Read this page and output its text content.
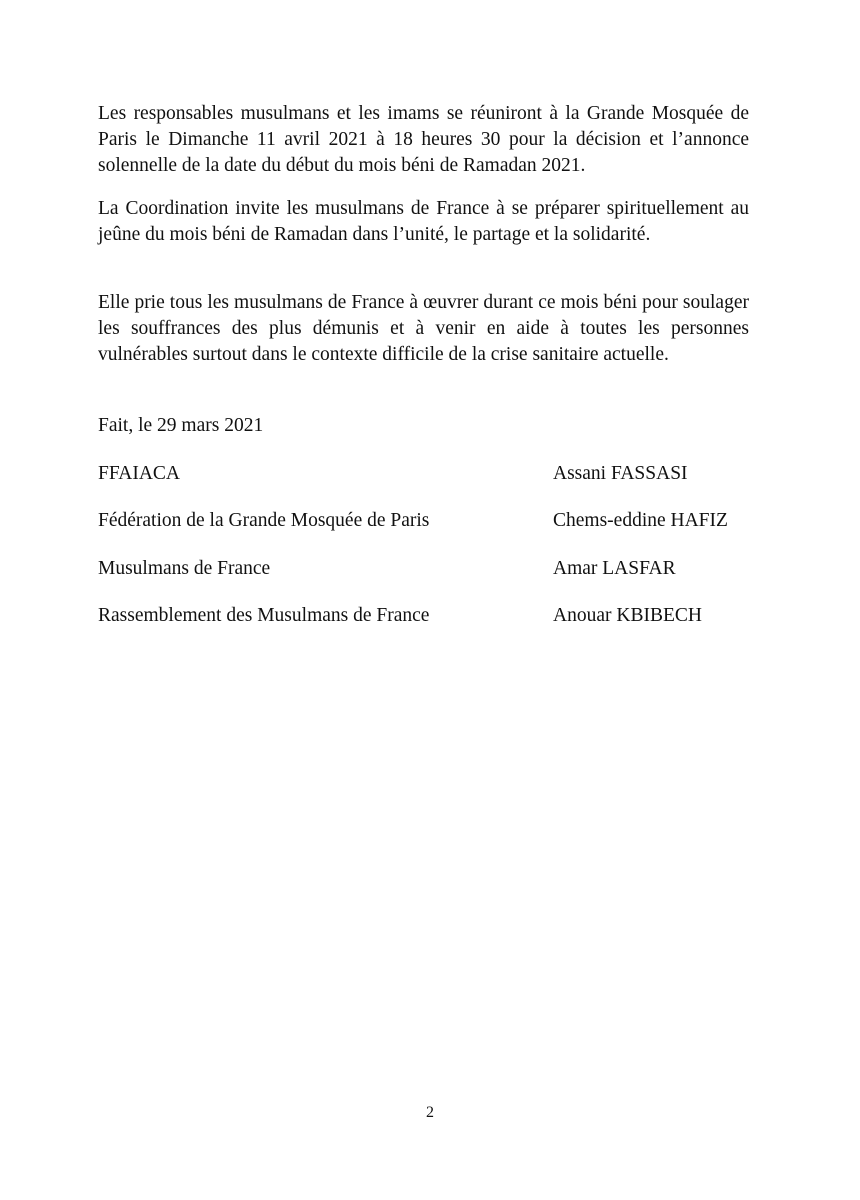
Les responsables musulmans et les imams se réuniront à la Grande Mosquée de Paris le Dimanche 11 avril 2021 à 18 heures 30 pour la décision et l’annonce solennelle de la date du début du mois béni de Ramadan 2021.

La Coordination invite les musulmans de France à se préparer spirituellement au jeûne du mois béni de Ramadan dans l’unité, le partage et la solidarité.

Elle prie tous les musulmans de France à œuvrer durant ce mois béni pour soulager les souffrances des plus démunis et à venir en aide à toutes les personnes vulnérables surtout dans le contexte difficile de la crise sanitaire actuelle.

Fait, le 29 mars 2021

FFAIACA	Assani FASSASI
Fédération de la Grande Mosquée de Paris	Chems-eddine HAFIZ
Musulmans de France	Amar LASFAR
Rassemblement des Musulmans de France	Anouar KBIBECH
2
